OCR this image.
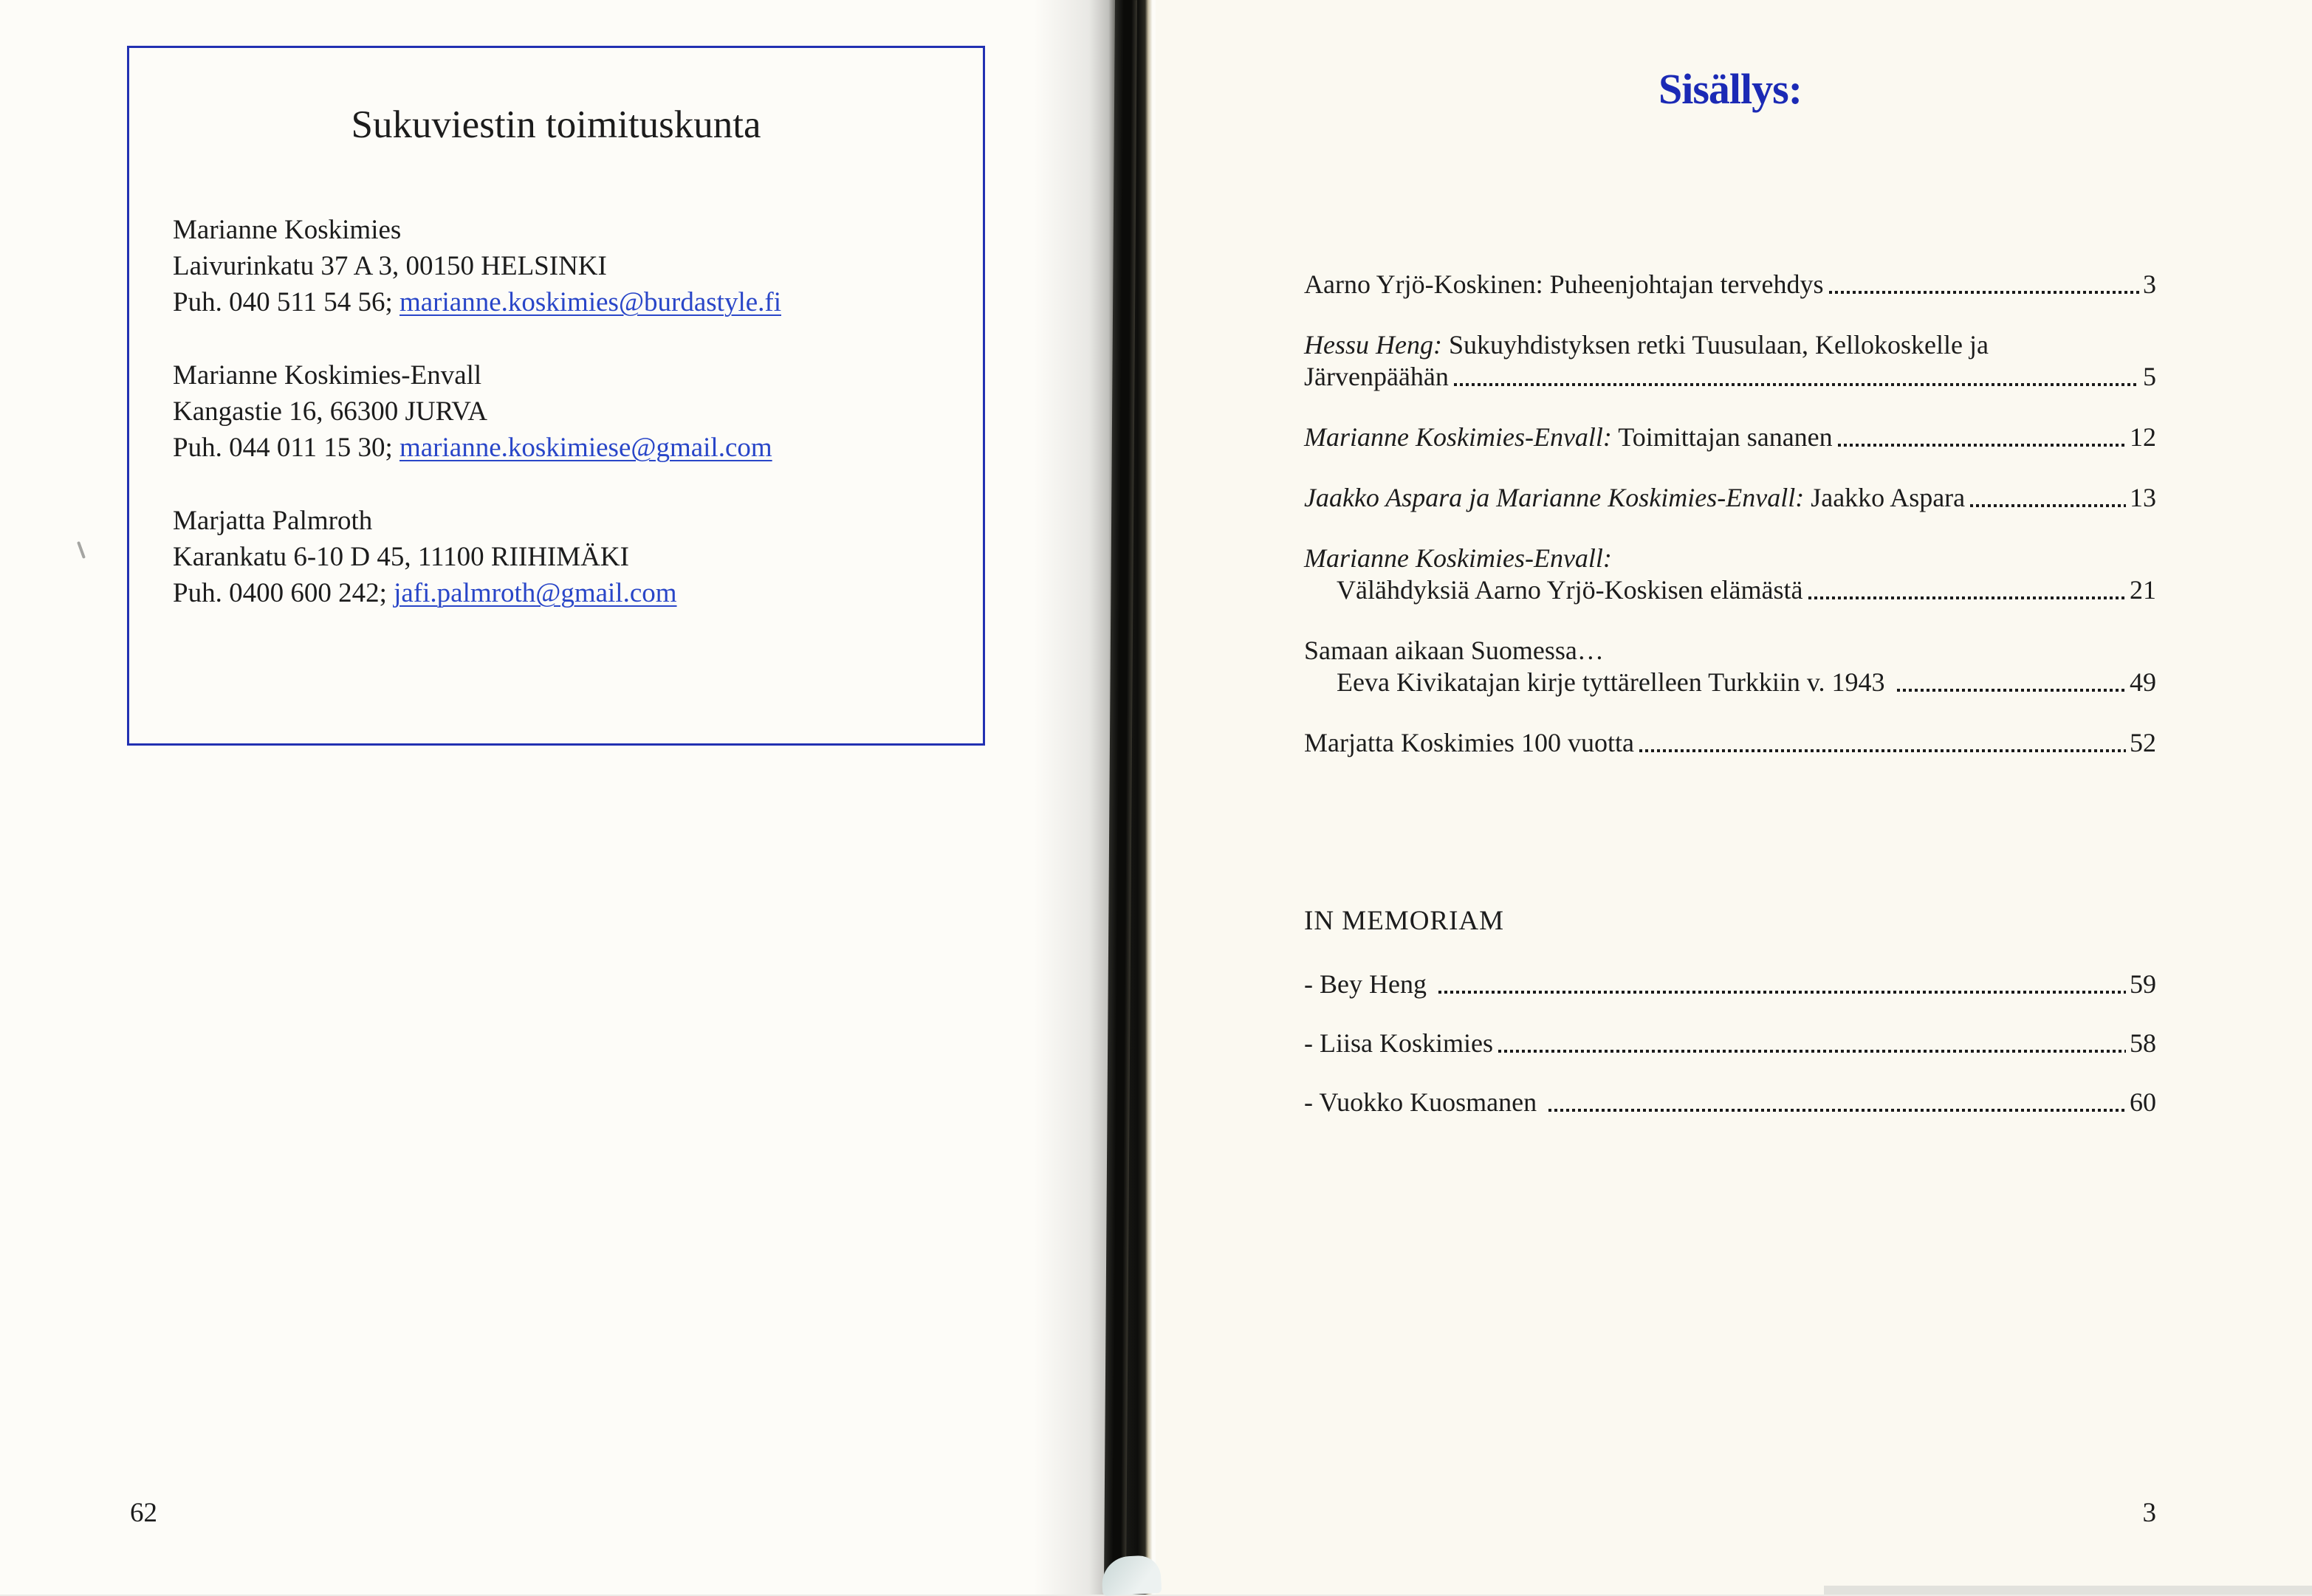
Sukuviestin toimituskunta
Marianne Koskimies
Laivurinkatu 37 A 3, 00150 HELSINKI
Puh. 040 511 54 56; marianne.koskimies@burdastyle.fi
Marianne Koskimies-Envall
Kangastie 16, 66300 JURVA
Puh. 044 011 15 30; marianne.koskimiese@gmail.com
Marjatta Palmroth
Karankatu 6-10 D 45, 11100 RIIHIMÄKI
Puh. 0400 600 242; jafi.palmroth@gmail.com
62
Sisällys:
Aarno Yrjö-Koskinen: Puheenjohtajan tervehdys	3
Hessu Heng: Sukuyhdistyksen retki Tuusulaan, Kellokoskelle ja
Järvenpäähän	5
Marianne Koskimies-Envall: Toimittajan sananen	12
Jaakko Aspara ja Marianne Koskimies-Envall: Jaakko Aspara	13
Marianne Koskimies-Envall:
Välähdyksiä Aarno Yrjö-Koskisen elämästä	21
Samaan aikaan Suomessa…
Eeva Kivikatajan kirje tyttärelleen Turkkiin v. 1943	49
Marjatta Koskimies 100 vuotta	52
IN MEMORIAM
- Bey Heng	59
- Liisa Koskimies	58
- Vuokko Kuosmanen	60
3
